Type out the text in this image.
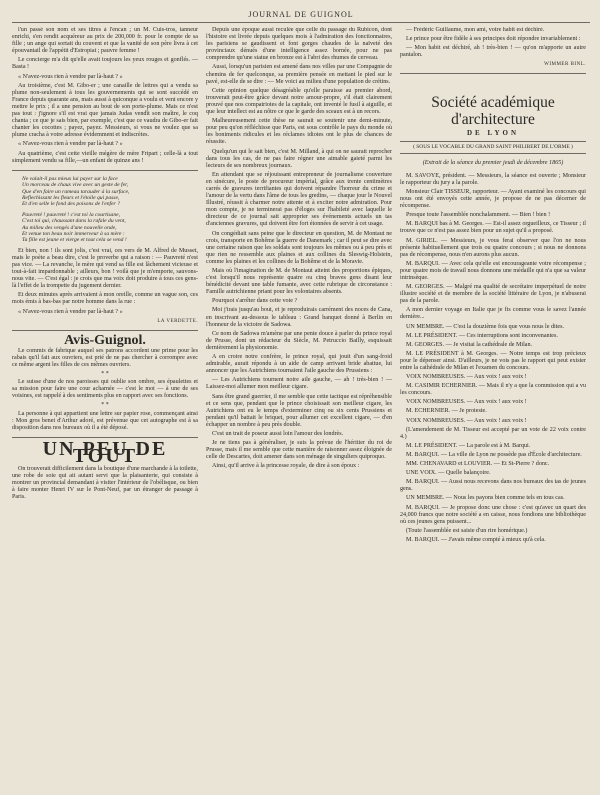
JOURNAL DE GUIGNOL

l'un passé son nom et ses titres à l'encan ; un M. Cuis-tros, tanneur enrichi, s'en rendit acquéreur au prix de 200,000 fr. pour le compte de sa fille ; un ange qui sortait du couvent et que la vanité de son père livra à cet épouvantail de l'appétit d'Estropiat ; pauvre femme !

Le concierge m'a dit qu'elle avait toujours les yeux rouges et gonflés. — Basta !

« N'avez-vous rien à vendre par là-haut ? »

Au troisième, c'est M. Gibo-er ; une canaille de lettres qui a vendu sa plume non-seulement à tous les gouvernements qui se sont succédé en France depuis quarante ans, mais aussi à quiconque a voulu et vent encore y mettre le prix ; il a une pension au bout de son porte-plume. Mais ce n'est pas tout : j'ignore s'il est vrai que jamais Judas vendît son maître, le coq chanta ; ce que je sais bien, par exemple, c'est que ce vaudra de Gibo-er fait chanter les cocottes ; payez, payez. Messieurs, si vous ne voulez que sa plume cracha à votre adresse évidemment et indiscrètes.

« N'avez-vous rien à vendre par là-haut ? »

Au quatrième, c'est cette vieille mégère de mère Fripart ; celle-là a tout simplement vendu sa fille,—un enfant de quinze ans !

Ne valait-il pas mieux lui payer sur la face
Un morceau de chaux vive avec un geste de fer,
Que d'en faire un rameau tarauder à la surface,
Reflechissant les fleurs et l'étoile qui passe,
Et d'en selle le fond des poisons de l'enfer ?
Pauvreté ! pauvreté ! c'est toi la courtisane,
C'est toi qui, chaussant dans la rafale du vent,
Au milieu des vengés d'une nouvelle onde,
Et venue ton beau noir immerveur à sa mère :
Ta fille est jeune et vierge et tout cela se vend !

Et bien, non ! ils sont jolis, c'est vrai, ces vers de M. Alfred de Musset, mais le poète a beau dire, c'est le proverbe qui a raison : — Pauvreté n'est pas vice. — La revanche, le mère qui vend sa fille est lâchement vicieuse et tout-à-fait impardonnable ; ailleurs, bon ! voilà que je m'emporte, sauvons-nous vite. — C'est égal : je crois que ma voix doit produire à tous ces gens-là l'effet de la trompette du jugement dernier.

Et deux minutes après arrivaient à mon oreille, comme un vague son, ces mots émis à bas-bas par notre homme dans la rue :

« N'avez-vous rien à vendre par là-haut ? »

LA VERDETTE.
Avis-Guignol.

Le commis de fabrique auquel ses patrons accordent une prime pour les rabais qu'il fait aux ouvriers, est prié de ne pas chercher à corrompre avec ce même argent les filles de ces mêmes ouvriers.

* *

Le suisse d'une de nos paroisses qui oublie son ombre, ses épaulettes et sa mission pour faire une cour acharnée — c'est le mot — à une de ses voisines, est rappelé à des sentiments plus en rapport avec ses fonctions.

* *

La personne à qui appartient une lettre sur papier rose, commençant ainsi : Mon gros benet d'Arthur adoré, est prévenue que cet autographe est à sa disposition dans nos bureaux où il a été déposé.

UN PEU DE TOUT

On trouverait difficilement dans la boutique d'une marchande à la toilette, une robe de soie qui ait autant servi que la plaisanterie, qui consiste à montrer un provincial demandant à visiter l'intérieur de l'obélisque, ou bien à faire monter Henri IV sur le Pont-Neuf, par un étranger de passage à Paris.

Depuis une époque aussi reculée que celle du passage du Rubicon, dont l'histoire est livrée depuis quelques mois à l'admiration des fonctionnaires, les parisiens se gaudissent et font gorges chaudes de la naïveté des provinciaux dénués d'une intelligence assez bornée, pour ne pas comprendre qu'une statue en bronze est à l'abri des rhumes de cerveau.

Aussi, lorsqu'un parisien est amené dans nos villes par une Compagnie de chemins de fer quelconque, sa première pensée en mettant le pied sur le pavé, est-elle de se dire : — Me voici au milieu d'une population de crétins.

Cette opinion quelque désagréable qu'elle paraisse au premier abord, trouverait peut-être grâce devant notre amour-propre, s'il était clairement prouvé que nos compatriotes de la capitale, ont inventé le fusil à aiguille, et que leur intellect est au nôtre ce que le garde des sceaux est à un recors.

Malheureusement cette thèse ne saurait se soutenir une demi-minute, pour peu qu'on réfléchisse que Paris, est sous contrôle le pays du monde où les bonimenis ridicules et les réclames idiotes ont le plus de chances de réussite.

Quelqu'un qui le sait bien, c'est M. Milland, à qui on ne saurait reprocher dans tous les cas, de ne pas faire régner une aimable gaieté parmi les lecteurs de ses nombreux journaux.

En attendant que se réjouissant entrepreneur de journalisme couverture en sinécure, le poste de procureur impérial, grâce aux trente centimètres carrés de gravures terrifiantes qui doivent répandre l'horreur du crime et l'amour de la vertu dans l'âme de tous les gredins, — chaque jour le Nouvel Illustré, réussit à charmer notre attente et à exciter notre admiration. Pour mon compte, je ne terminerai pas d'éloges sur l'habileté avec laquelle le directeur de ce journal sait approprier ses événements actuels un tas d'anciennes gravures, qui doivent être fort étonnées de servir à cet usage.

On congédiait sans peine que le directeur en question, M. de Montaut ne crois, transporte en Bohême la guerre de Danemark ; car il peut se dire avec une certaine raison que les soldats sont toujours les mêmes ou à peu près et que rien ne ressemble aux plaines et aux collines du Sleswig-Holstein, comme les plaines et les collines de la Bohême et de la Moravie.

Mais où l'imagination de M. de Montaut atteint des proportions épiques, c'est lorsqu'il nous représente quatre ou cinq braves gens disant leur bénédicité devant une table fumante, avec cette rubrique de circonstance : Famille autrichienne priant pour les volontaires absents.

Pourquoi s'arrêter dans cette voie ?

Moi j'irais jusqu'au bout, et je reproduirais carrément des noces de Cana, en inscrivant au-dessous le tableau : Grand banquet donné à Berlin en l'honneur de la victoire de Sadowa.

Ce nom de Sadowa m'amène par une pente douce à parler du prince royal de Prusse, dont un rédacteur du Siècle, M. Petruccio Bailly, esquissait dernièrement la physionomie.

A en croire notre confrère, le prince royal, qui jouit d'un sang-froid admirable, aurait répondu à un aide de camp arrivant bride abattue, lui annoncer que les Autrichiens tournaient l'aile gauche des Prussiens :

— Les Autrichiens tournent notre aile gauche, — ah ! très-bien ! — Laissez-moi allumer mon meilleur cigare.

Sans être grand guerrier, il me semble que cette tactique est répréhensible et ce sens que, pendant que le prince choisissait son meilleur cigare, les Autrichiens ont eu le temps d'exterminer cinq ou six cents Prussiens et pendant qu'il battait le briquet, pour allumer cet excellent cigare, — d'en échapper un nombre à peu près double.

C'est un trait de poseur aussi loin l'amour des londrès.

Je ne tiens pas à généraliser, je suis la prévue de l'héritier du roi de Prusse, mais il me semble que cette manière de raisonner assez éloignée de celle de Descartes, doit amener dans son ménage de singuliers quiproquo.

Ainsi, qu'il arrive à la princesse royale, de dire à son époux :

— Frédéric Guillaume, mon ami, votre habit est déchiré.

Le prince pour être fidèle à ses principes doit répondre invariablement :

— Mon habit est déchiré, ah ! très-bien ! — qu'on m'apporte un autre pantalon.

WIMMER BINL.
Société académique d'architecture
DE LYON
( SOUS LE VOCABLE DU GRAND SAINT PHILIBERT DE L'ORME )
(Extrait de la séance du premier jeudi de décembre 1865)

M. SAVOYE, président. — Messieurs, la séance est ouverte ; Monsieur le rapporteur du jury a la parole.

Monsieur Clair TISSEUR, rapporteur. — Ayant examiné les concours qui nous ont été envoyés cette année, je propose de ne pas décerner de récompense.

Presque toute l'assemblée nonchalamment. — Bien ! bien !

M. BARQUI bas à M. Georges. — Est-il assez orgueilleux, ce Tisseur ; il trouve que ce n'est pas assez bien pour un sujet qu'il a proposé.

M. GIRIEL. — Messieurs, je vous ferai observer que l'on ne nous présente habituellement que trois ou quatre concours ; si nous ne donnons pas de récompense, nous n'en aurons plus aucun.

M. BARQUI. — Avec cela qu'elle est encourageante votre récompense ; pour quatre mois de travail nous donnons une médaille qui n'a que sa valeur intrinsèque.

M. GEORGES. — Malgré ma qualité de secrétaire imperpétuel de notre illustre société et de membre de la société littéraire de Lyon, je n'abuserai pas de la parole.

A mon dernier voyage en Italie que je fis comme vous le savez l'année dernière...

UN MEMBRE. — C'est la douzième fois que vous nous le dites.

M. LE PRÉSIDENT. — Ces interruptions sont inconvenantes.

M. GEORGES. — Je visitai la cathédrale de Milan.

M. LE PRÉSIDENT à M. Georges. — Notre temps est trop précieux pour le dépenser ainsi. D'ailleurs, je ne vois pas le rapport qui peut exister entre la cathédrale de Milan et l'examen du concours.

VOIX NOMBREUSES. — Aux voix ! aux voix !

M. CASIMIR ECHERNIER. — Mais il n'y a que la commission qui a vu les concours.

VOIX NOMBREUSES. — Aux voix ! aux voix !

M. ECHERNIER. — Je proteste.

VOIX NOMBREUSES. — Aux voix ! aux voix !

(L'amendement de M. Tisseur est accepté par un vote de 22 voix contre 4.)

M. LE PRÉSIDENT. — La parole est à M. Barqui.

M. BARQUI. — La ville de Lyon ne possède pas d'École d'architecture.

MM. CHENAVARD et LOUVIER. — Et St-Pierre ? donc.

UNE VOIX. — Quelle balançoire.

M. BARQUI. — Aussi nous recevons dans nos bureaux des tas de jeunes gens.

UN MEMBRE. — Nous les payons bien comme tels en tous cas.

M. BARQUI. — Je propose donc une chose : c'est qu'avec un quart des 24,000 francs que notre société a en caisse, nous fondions une bibliothèque où ces jeunes gens puissent...

(Toute l'assemblée est saisie d'un rire homérique.)

M. BARQUI. — J'avais même compté à mieux qu'à cela.
